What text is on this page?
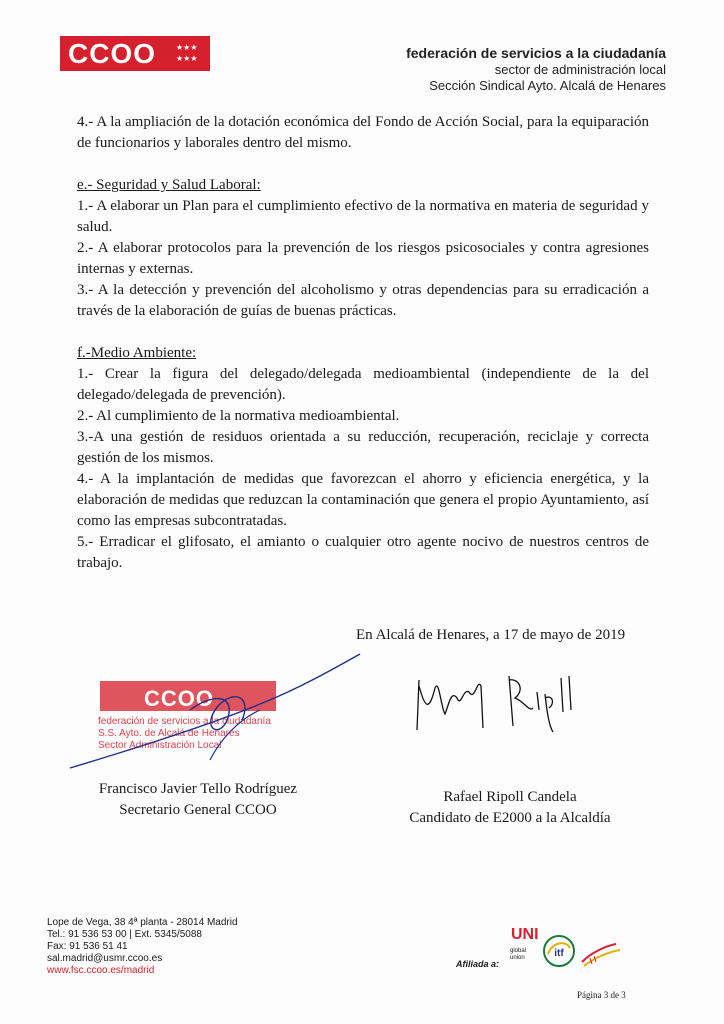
CCOO	★★★
★★★	federación de servicios a la ciudadanía
sector de administración local
Sección Sindical Ayto. Alcalá de Henares

4.- A la ampliación de la dotación económica del Fondo de Acción Social, para la equiparación de funcionarios y laborales dentro del mismo.

e.- Seguridad y Salud Laboral:

1.- A elaborar un Plan para el cumplimiento efectivo de la normativa en materia de seguridad y salud.

2.- A elaborar protocolos para la prevención de los riesgos psicosociales y contra agresiones internas y externas.

3.- A la detección y prevención del alcoholismo y otras dependencias para su erradicación a través de la elaboración de guías de buenas prácticas.

f.-Medio Ambiente:

1.- Crear la figura del delegado/delegada medioambiental (independiente de la del delegado/delegada de prevención).

2.- Al cumplimiento de la normativa medioambiental.

3.-A una gestión de residuos orientada a su reducción, recuperación, reciclaje y correcta gestión de los mismos.

4.- A la implantación de medidas que favorezcan el ahorro y eficiencia energética, y la elaboración de medidas que reduzcan la contaminación que genera el propio Ayuntamiento, así como las empresas subcontratadas.

5.- Erradicar el glifosato, el amianto o cualquier otro agente nocivo de nuestros centros de trabajo.

En Alcalá de Henares, a 17 de mayo de 2019
CCOO
federación de servicios a la ciudadanía
S.S. Ayto. de Alcalá de Henares
Sector Administración Local
Francisco Javier Tello Rodríguez
Secretario General CCOO
Rafael Ripoll Candela
Candidato de E2000 a la Alcaldía
Lope de Vega, 38 4ª planta - 28014 Madrid
Tel.: 91 536 53 00 | Ext. 5345/5088
Fax: 91 536 51 41
sal.madrid@usmr.ccoo.es
www.fsc.ccoo.es/madrid
Afiliada a:
UNI
global
union	itf
Página 3 de 3
